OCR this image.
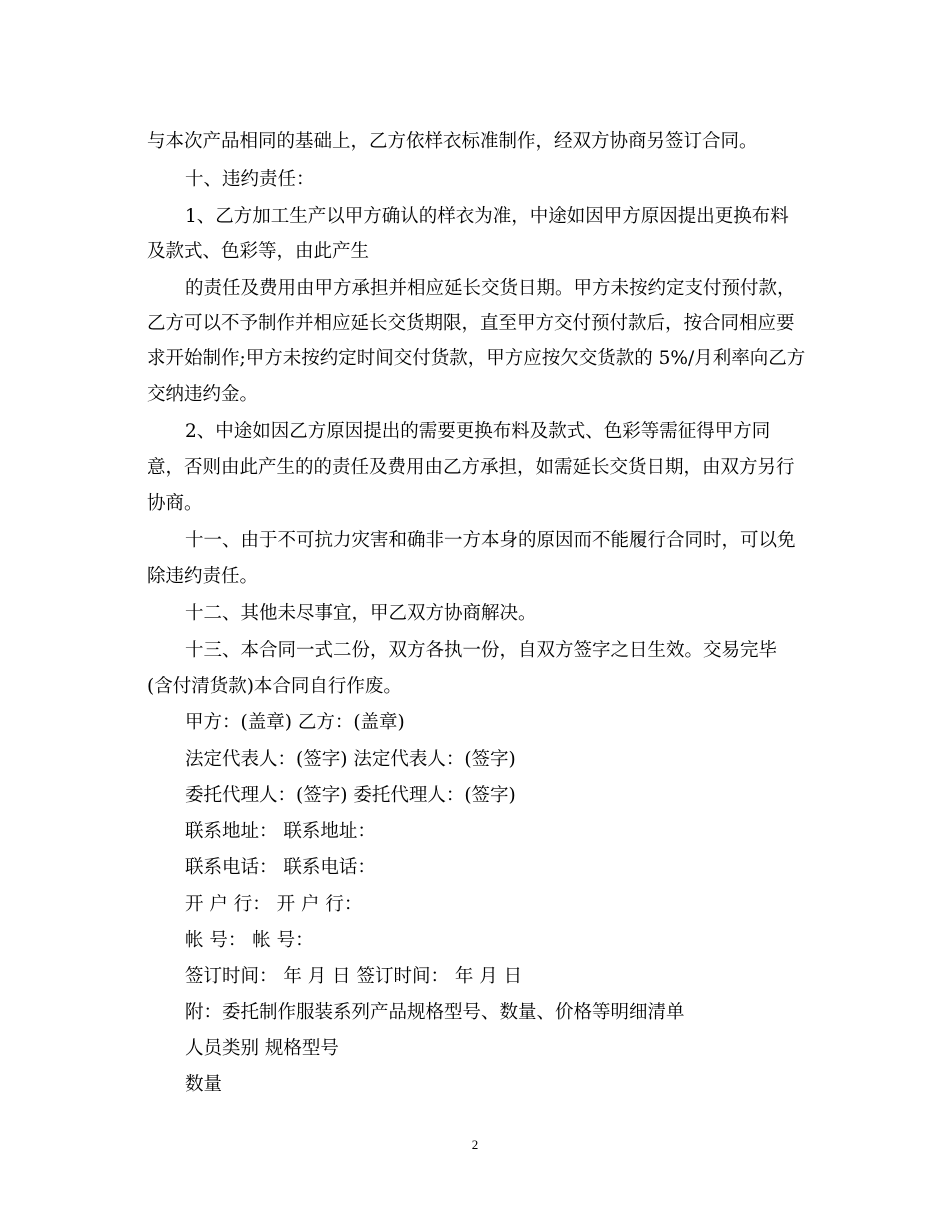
与本次产品相同的基础上，乙方依样衣标准制作，经双方协商另签订合同。
十、违约责任：
1、乙方加工生产以甲方确认的样衣为准，中途如因甲方原因提出更换布料
及款式、色彩等，由此产生
的责任及费用由甲方承担并相应延长交货日期。甲方未按约定支付预付款，
乙方可以不予制作并相应延长交货期限，直至甲方交付预付款后，按合同相应要
求开始制作;甲方未按约定时间交付货款，甲方应按欠交货款的 5%/月利率向乙方
交纳违约金。
2、中途如因乙方原因提出的需要更换布料及款式、色彩等需征得甲方同
意，否则由此产生的的责任及费用由乙方承担，如需延长交货日期，由双方另行
协商。
十一、由于不可抗力灾害和确非一方本身的原因而不能履行合同时，可以免
除违约责任。
十二、其他未尽事宜，甲乙双方协商解决。
十三、本合同一式二份，双方各执一份，自双方签字之日生效。交易完毕
(含付清货款)本合同自行作废。
甲方：(盖章) 乙方：(盖章)
法定代表人：(签字) 法定代表人：(签字)
委托代理人：(签字) 委托代理人：(签字)
联系地址： 联系地址：
联系电话： 联系电话：
开 户 行： 开 户 行：
帐 号： 帐 号：
签订时间： 年 月 日 签订时间： 年 月 日
附：委托制作服装系列产品规格型号、数量、价格等明细清单
人员类别 规格型号
数量
2
